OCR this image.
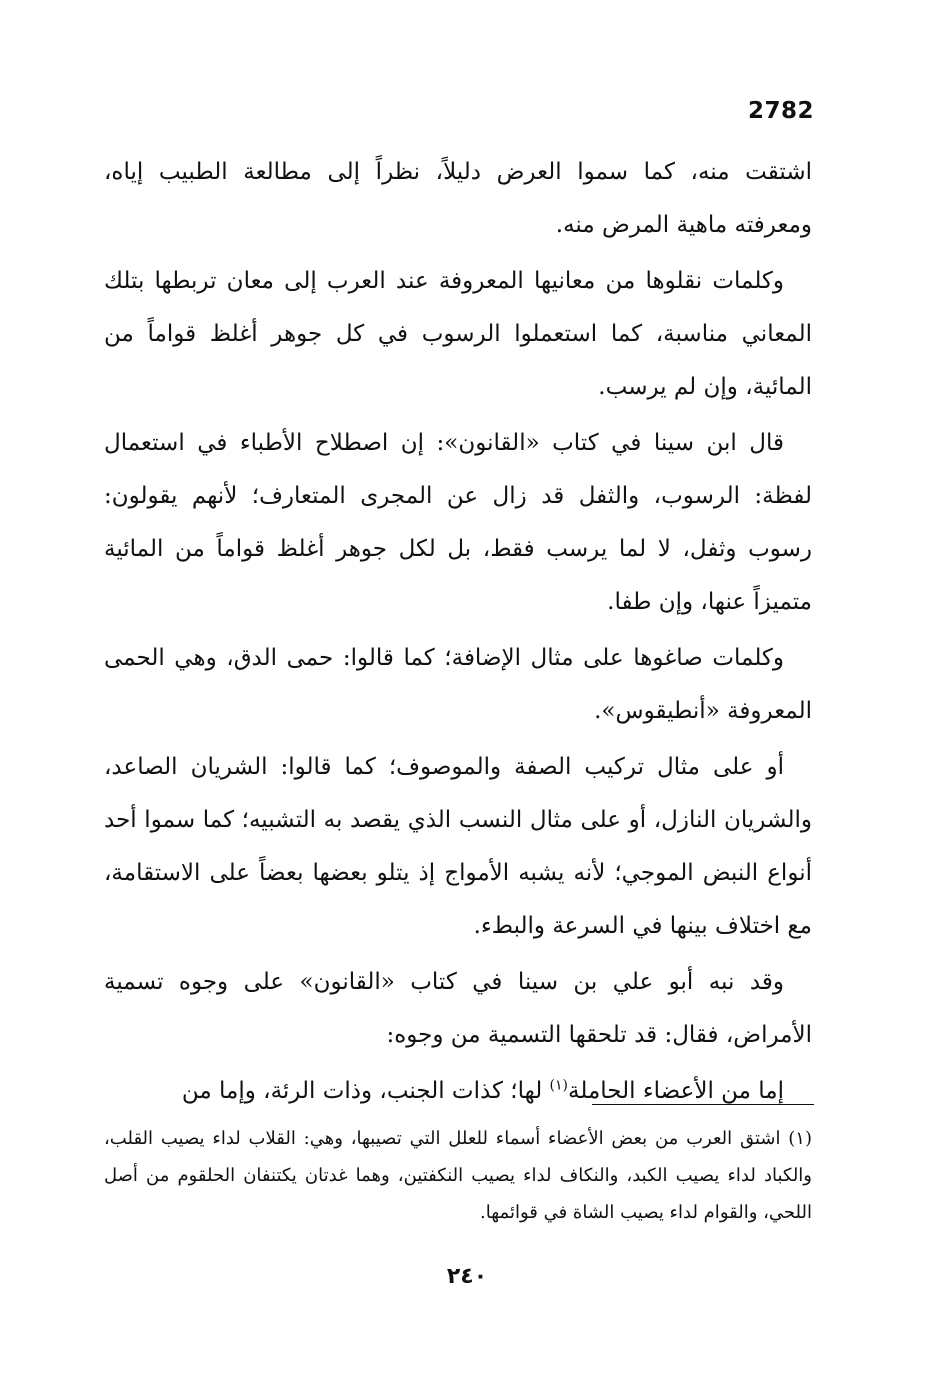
2782

اشتقت منه، كما سموا العرض دليلاً، نظراً إلى مطالعة الطبيب إياه، ومعرفته ماهية المرض منه.

وكلمات نقلوها من معانيها المعروفة عند العرب إلى معان تربطها بتلك المعاني مناسبة، كما استعملوا الرسوب في كل جوهر أغلظ قواماً من المائية، وإن لم يرسب.

قال ابن سينا في كتاب «القانون»: إن اصطلاح الأطباء في استعمال لفظة: الرسوب، والثفل قد زال عن المجرى المتعارف؛ لأنهم يقولون: رسوب وثفل، لا لما يرسب فقط، بل لكل جوهر أغلظ قواماً من المائية متميزاً عنها، وإن طفا.

وكلمات صاغوها على مثال الإضافة؛ كما قالوا: حمى الدق، وهي الحمى المعروفة «أنطيقوس».

أو على مثال تركيب الصفة والموصوف؛ كما قالوا: الشريان الصاعد، والشريان النازل، أو على مثال النسب الذي يقصد به التشبيه؛ كما سموا أحد أنواع النبض الموجي؛ لأنه يشبه الأمواج إذ يتلو بعضها بعضاً على الاستقامة، مع اختلاف بينها في السرعة والبطء.

وقد نبه أبو علي بن سينا في كتاب «القانون» على وجوه تسمية الأمراض، فقال: قد تلحقها التسمية من وجوه:

إما من الأعضاء الحاملة$^{(١)}$ لها؛ كذات الجنب، وذات الرئة، وإما من

(١) اشتق العرب من بعض الأعضاء أسماء للعلل التي تصيبها، وهي: القلاب لداء يصيب القلب، والكباد لداء يصيب الكبد، والنكاف لداء يصيب النكفتين، وهما غدتان يكتنفان الحلقوم من أصل اللحي، والقوام لداء يصيب الشاة في قوائمها.

٢٤٠
